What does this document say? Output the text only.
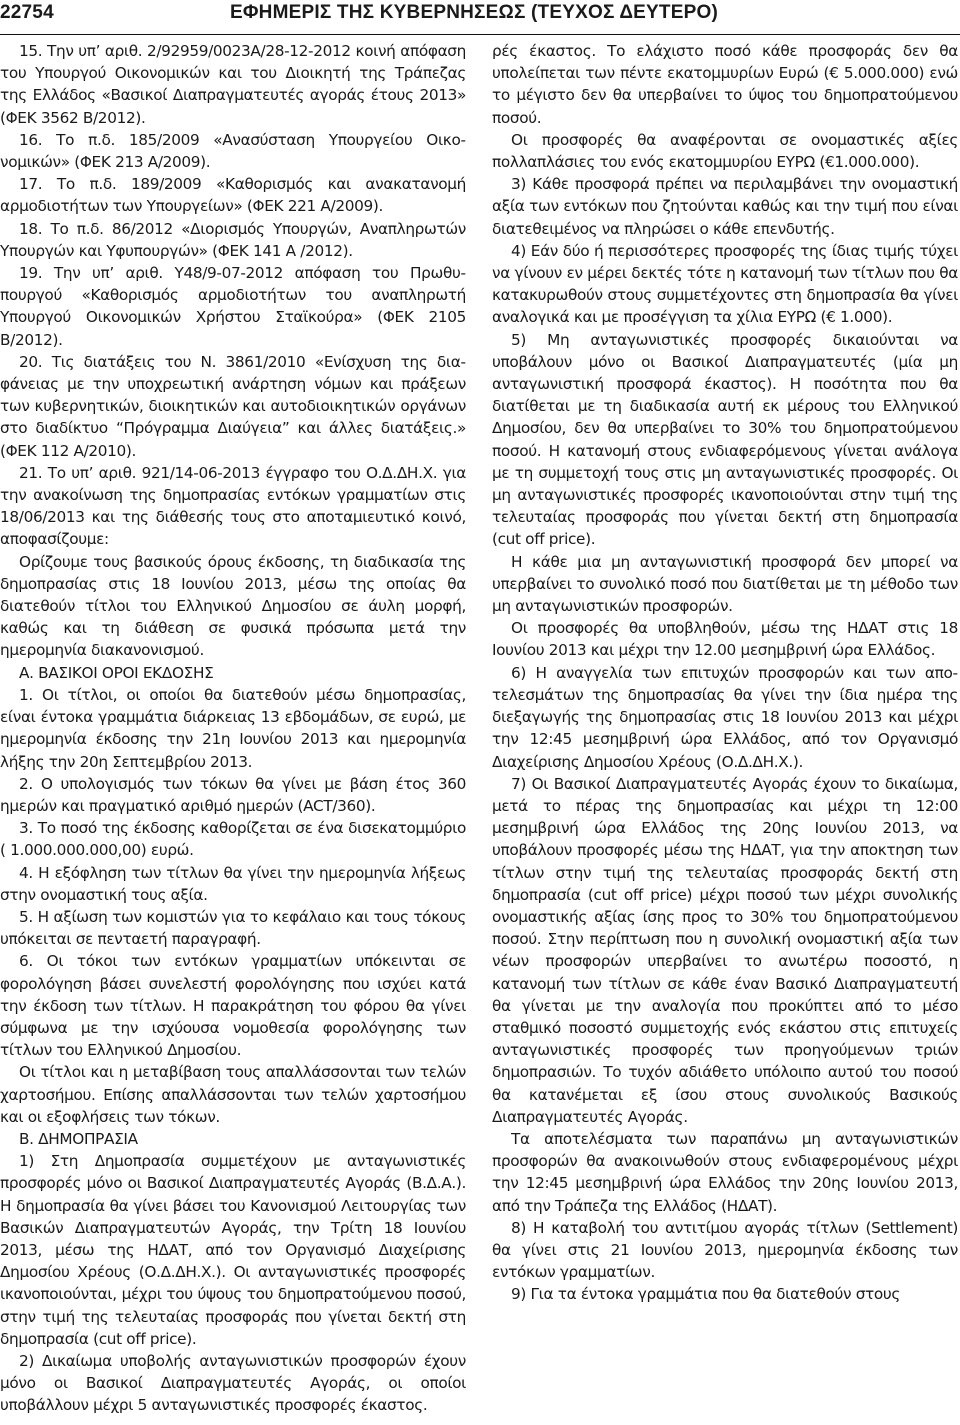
22754	ΕΦΗΜΕΡΙΣ ΤΗΣ ΚΥΒΕΡΝΗΣΕΩΣ (ΤΕΥΧΟΣ ΔΕΥΤΕΡΟ)

15. Την υπ’ αριθ. 2/92959/0023Α/28-12-2012 κοινή απόφαση του Υπουργού Οικονομικών και του Διοικητή της Τράπεζας της Ελλάδος «Βασικοί Διαπραγματευτές αγοράς έτους 2013» (ΦΕΚ 3562 Β/2012).

16. Το π.δ. 185/2009 «Ανασύσταση Υπουργείου Οικονομικών» (ΦΕΚ 213 Α/2009).

17. Το π.δ. 189/2009 «Καθορισμός και ανακατανομή αρμοδιοτήτων των Υπουργείων» (ΦΕΚ 221 Α/2009).

18. Το π.δ. 86/2012 «Διορισμός Υπουργών, Αναπληρωτών Υπουργών και Υφυπουργών» (ΦΕΚ 141 Α /2012).

19. Την υπ’ αριθ. Υ48/9-07-2012 απόφαση του Πρωθυπουργού «Καθορισμός αρμοδιοτήτων του αναπληρωτή Υπουργού Οικονομικών Χρήστου Σταϊκούρα» (ΦΕΚ 2105 Β/2012).

20. Τις διατάξεις του Ν. 3861/2010 «Ενίσχυση της διαφάνειας με την υποχρεωτική ανάρτηση νόμων και πράξεων των κυβερνητικών, διοικητικών και αυτοδιοικητικών οργάνων στο διαδίκτυο “Πρόγραμμα Διαύγεια” και άλλες διατάξεις.» (ΦΕΚ 112 Α/2010).

21. Το υπ’ αριθ. 921/14-06-2013 έγγραφο του Ο.Δ.ΔΗ.Χ. για την ανακοίνωση της δημοπρασίας εντόκων γραμματίων στις 18/06/2013 και της διάθεσής τους στο αποταμιευτικό κοινό, αποφασίζουμε:

Ορίζουμε τους βασικούς όρους έκδοσης, τη διαδικασία της δημοπρασίας στις 18 Ιουνίου 2013, μέσω της οποίας θα διατεθούν τίτλοι του Ελληνικού Δημοσίου σε άυλη μορφή, καθώς και τη διάθεση σε φυσικά πρόσωπα μετά την ημερομηνία διακανονισμού.

Α. ΒΑΣΙΚΟΙ ΟΡΟΙ ΕΚΔΟΣΗΣ

1. Οι τίτλοι, οι οποίοι θα διατεθούν μέσω δημοπρασίας, είναι έντοκα γραμμάτια διάρκειας 13 εβδομάδων, σε ευρώ, με ημερομηνία έκδοσης την 21η Ιουνίου 2013 και ημερομηνία λήξης την 20η Σεπτεμβρίου 2013.

2. Ο υπολογισμός των τόκων θα γίνει με βάση έτος 360 ημερών και πραγματικό αριθμό ημερών (ACT/360).

3. Το ποσό της έκδοσης καθορίζεται σε ένα δισεκατομμύριο ( 1.000.000.000,00) ευρώ.

4. Η εξόφληση των τίτλων θα γίνει την ημερομηνία λήξεως στην ονομαστική τους αξία.

5. Η αξίωση των κομιστών για το κεφάλαιο και τους τόκους υπόκειται σε πενταετή παραγραφή.

6. Οι τόκοι των εντόκων γραμματίων υπόκεινται σε φορολόγηση βάσει συνελεστή φορολόγησης που ισχύει κατά την έκδοση των τίτλων. Η παρακράτηση του φόρου θα γίνει σύμφωνα με την ισχύουσα νομοθεσία φορολόγησης των τίτλων του Ελληνικού Δημοσίου.

Οι τίτλοι και η μεταβίβαση τους απαλλάσσονται των τελών χαρτοσήμου. Επίσης απαλλάσσονται των τελών χαρτοσήμου και οι εξοφλήσεις των τόκων.

Β. ΔΗΜΟΠΡΑΣΙΑ

1) Στη Δημοπρασία συμμετέχουν με ανταγωνιστικές προσφορές μόνο οι Βασικοί Διαπραγματευτές Αγοράς (Β.Δ.Α.). Η δημοπρασία θα γίνει βάσει του Κανονισμού Λειτουργίας των Βασικών Διαπραγματευτών Αγοράς, την Τρίτη 18 Ιουνίου 2013, μέσω της ΗΔΑΤ, από τον Οργανισμό Διαχείρισης Δημοσίου Χρέους (Ο.Δ.ΔΗ.Χ.). Οι ανταγωνιστικές προσφορές ικανοποιούνται, μέχρι του ύψους του δημοπρατούμενου ποσού, στην τιμή της τελευταίας προσφοράς που γίνεται δεκτή στη δημοπρασία (cut off price).

2) Δικαίωμα υποβολής ανταγωνιστικών προσφορών έχουν μόνο οι Βασικοί Διαπραγματευτές Αγοράς, οι οποίοι υποβάλλουν μέχρι 5 ανταγωνιστικές προσφορές έκαστος.

ρές έκαστος. Το ελάχιστο ποσό κάθε προσφοράς δεν θα υπολείπεται των πέντε εκατομμυρίων Ευρώ (€ 5.000.000) ενώ το μέγιστο δεν θα υπερβαίνει το ύψος του δημοπρατούμενου ποσού.

Οι προσφορές θα αναφέρονται σε ονομαστικές αξίες πολλαπλάσιες του ενός εκατομμυρίου ΕΥΡΩ (€1.000.000).

3) Κάθε προσφορά πρέπει να περιλαμβάνει την ονομαστική αξία των εντόκων που ζητούνται καθώς και την τιμή που είναι διατεθειμένος να πληρώσει ο κάθε επενδυτής.

4) Εάν δύο ή περισσότερες προσφορές της ίδιας τιμής τύχει να γίνουν εν μέρει δεκτές τότε η κατανομή των τίτλων που θα κατακυρωθούν στους συμμετέχοντες στη δημοπρασία θα γίνει αναλογικά και με προσέγγιση τα χίλια ΕΥΡΩ (€ 1.000).

5) Μη ανταγωνιστικές προσφορές δικαιούνται να υποβάλουν μόνο οι Βασικοί Διαπραγματευτές (μία μη ανταγωνιστική προσφορά έκαστος). Η ποσότητα που θα διατίθεται με τη διαδικασία αυτή εκ μέρους του Ελληνικού Δημοσίου, δεν θα υπερβαίνει το 30% του δημοπρατούμενου ποσού. Η κατανομή στους ενδιαφερόμενους γίνεται ανάλογα με τη συμμετοχή τους στις μη ανταγωνιστικές προσφορές. Οι μη ανταγωνιστικές προσφορές ικανοποιούνται στην τιμή της τελευταίας προσφοράς που γίνεται δεκτή στη δημοπρασία (cut off price).

Η κάθε μια μη ανταγωνιστική προσφορά δεν μπορεί να υπερβαίνει το συνολικό ποσό που διατίθεται με τη μέθοδο των μη ανταγωνιστικών προσφορών.

Οι προσφορές θα υποβληθούν, μέσω της ΗΔΑΤ στις 18 Ιουνίου 2013 και μέχρι την 12.00 μεσημβρινή ώρα Ελλάδος.

6) Η αναγγελία των επιτυχών προσφορών και των αποτελεσμάτων της δημοπρασίας θα γίνει την ίδια ημέρα της διεξαγωγής της δημοπρασίας στις 18 Ιουνίου 2013 και μέχρι την 12:45 μεσημβρινή ώρα Ελλάδος, από τον Οργανισμό Διαχείρισης Δημοσίου Χρέους (Ο.Δ.ΔΗ.Χ.).

7) Οι Βασικοί Διαπραγματευτές Αγοράς έχουν το δικαίωμα, μετά το πέρας της δημοπρασίας και μέχρι τη 12:00 μεσημβρινή ώρα Ελλάδος της 20ης Ιουνίου 2013, να υποβάλουν προσφορές μέσω της ΗΔΑΤ, για την αποκτηση των τίτλων στην τιμή της τελευταίας προσφοράς δεκτή στη δημοπρασία (cut off price) μέχρι ποσού των μέχρι συνολικής ονομαστικής αξίας ίσης προς το 30% του δημοπρατούμενου ποσού. Στην περίπτωση που η συνολική ονομαστική αξία των νέων προσφορών υπερβαίνει το ανωτέρω ποσοστό, η κατανομή των τίτλων σε κάθε έναν Βασικό Διαπραγματευτή θα γίνεται με την αναλογία που προκύπτει από το μέσο σταθμικό ποσοστό συμμετοχής ενός εκάστου στις επιτυχείς ανταγωνιστικές προσφορές των προηγούμενων τριών δημοπρασιών. Το τυχόν αδιάθετο υπόλοιπο αυτού του ποσού θα κατανέμεται εξ ίσου στους συνολικούς Βασικούς Διαπραγματευτές Αγοράς.

Τα αποτελέσματα των παραπάνω μη ανταγωνιστικών προσφορών θα ανακοινωθούν στους ενδιαφερομένους μέχρι την 12:45 μεσημβρινή ώρα Ελλάδος την 20ης Ιουνίου 2013, από την Τράπεζα της Ελλάδος (ΗΔΑΤ).

8) Η καταβολή του αντιτίμου αγοράς τίτλων (Settlement) θα γίνει στις 21 Ιουνίου 2013, ημερομηνία έκδοσης των εντόκων γραμματίων.

9) Για τα έντοκα γραμμάτια που θα διατεθούν στους
